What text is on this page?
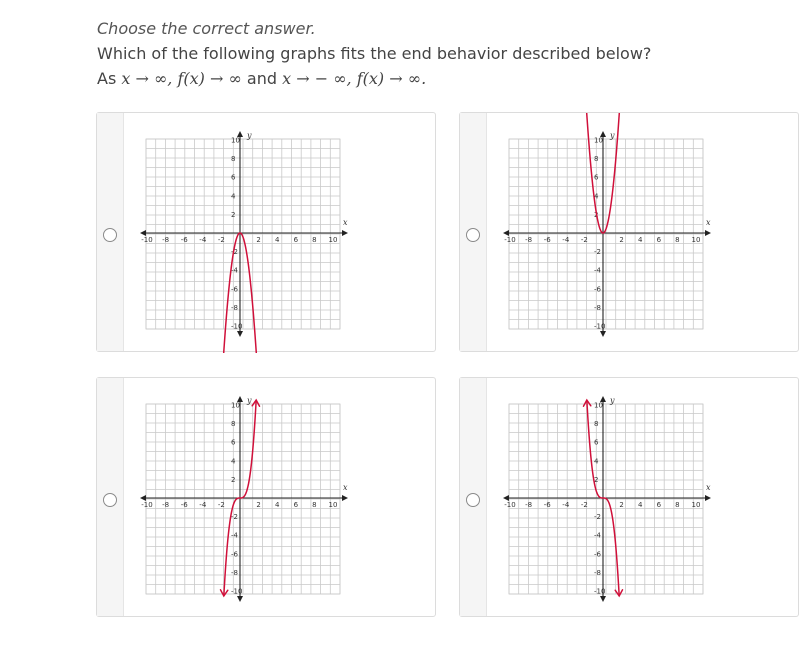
Choose the correct answer.
Which of the following graphs fits the end behavior described below?
As x → ∞, f(x) → ∞ and x → − ∞, f(x) → ∞.
x
y
-10 -8 -6 -4 -2	2 4 6 8 10
10
8
6
4
2
-2
-4
-6
-8
-10
x
y
-10 -8 -6 -4 -2	2 4 6 8 10
10
8
6
4
2
-2
-4
-6
-8
-10
x
y
-10 -8 -6 -4 -2	2 4 6 8 10
10
8
6
4
2
-2
-4
-6
-8
-10
x
y
-10 -8 -6 -4 -2	2 4 6 8 10
10
8
6
4
2
-2
-4
-6
-8
-10
